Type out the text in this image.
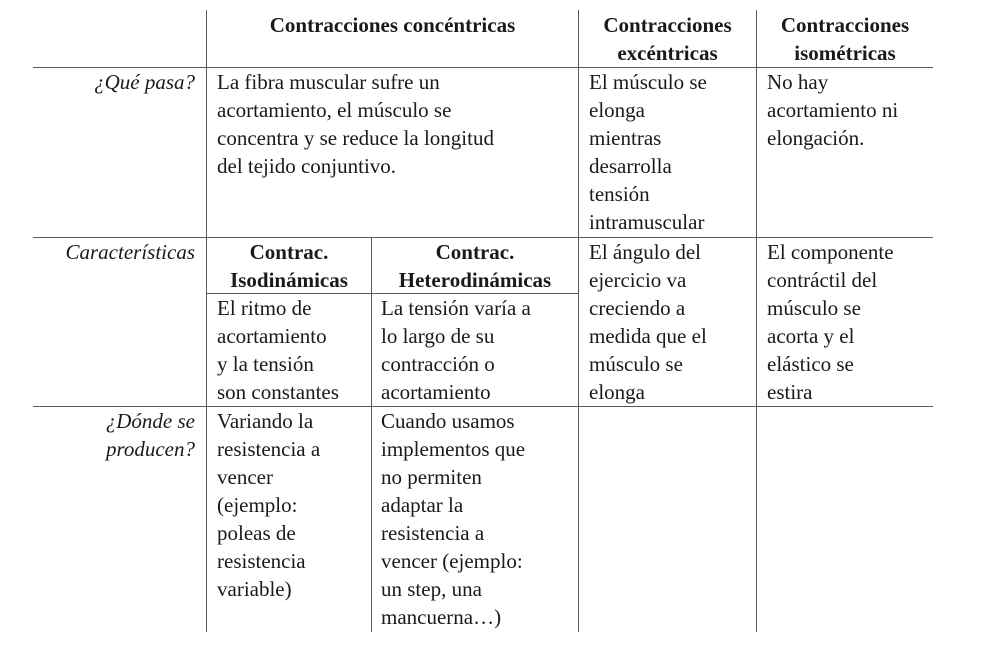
Contracciones concéntricas	Contracciones
excéntricas
Contracciones
isométricas
¿Qué pasa? La fibra muscular sufre un
acortamiento, el músculo se
concentra y se reduce la longitud
del tejido conjuntivo.
El músculo se
elonga
mientras
desarrolla
tensión
intramuscular
No hay
acortamiento ni
elongación.
Características	Contrac.
Isodinámicas
Contrac.
Heterodinámicas
El ritmo de
acortamiento
y la tensión
son constantes
La tensión varía a
lo largo de su
contracción o
acortamiento
El ángulo del
ejercicio va
creciendo a
medida que el
músculo se
elonga
El componente
contráctil del
músculo se
acorta y el
elástico se
estira
¿Dónde se
producen?
Variando la
resistencia a
vencer
(ejemplo:
poleas de
resistencia
variable)
Cuando usamos
implementos que
no permiten
adaptar la
resistencia a
vencer (ejemplo:
un step, una
mancuerna…)
